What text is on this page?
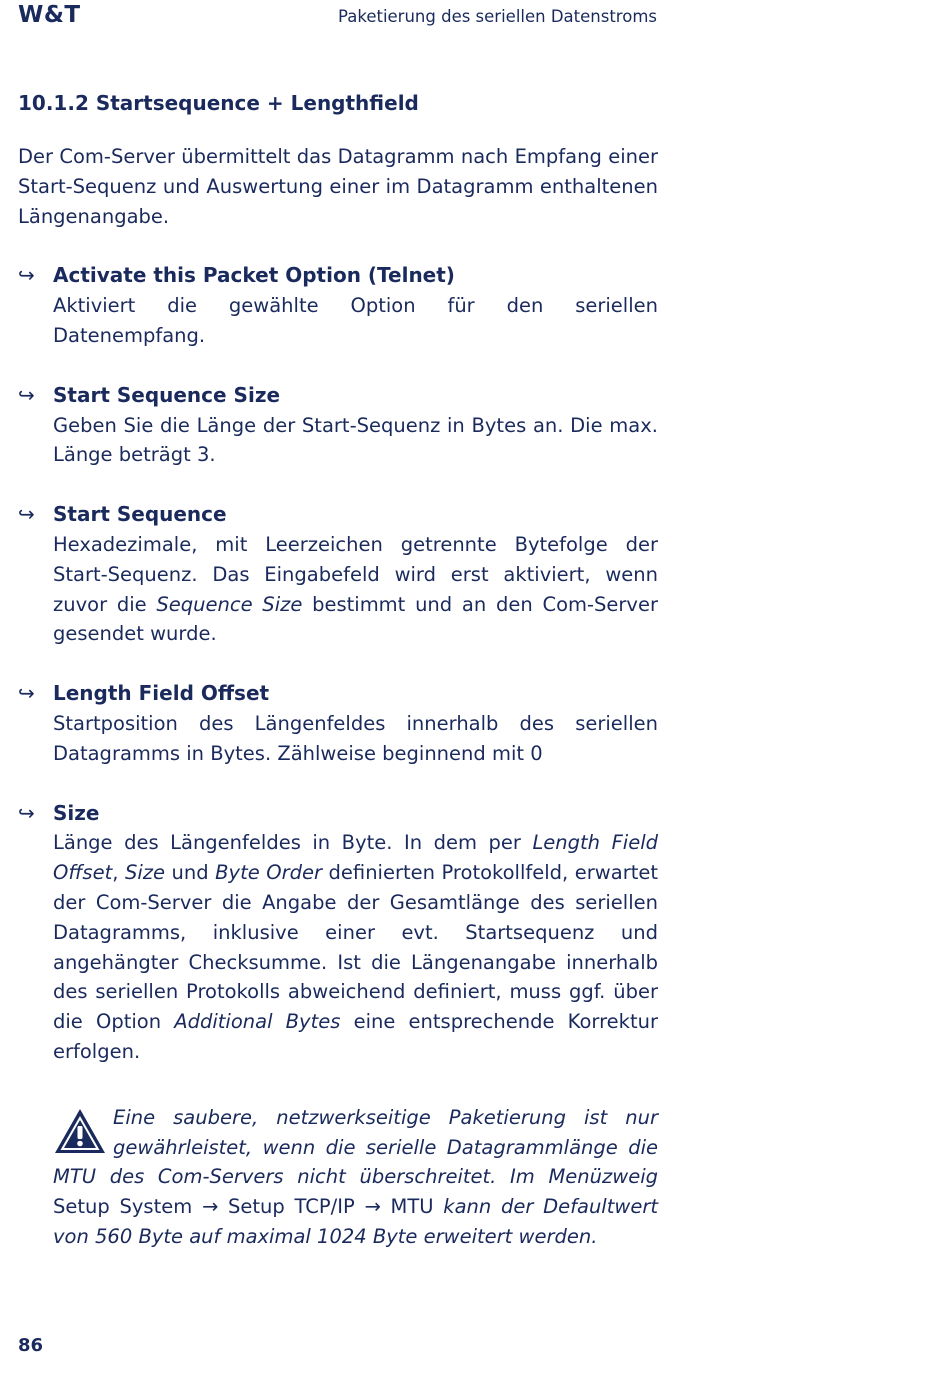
W&T	Paketierung des seriellen Datenstroms
10.1.2 Startsequence + Lengthfield

Der Com-Server übermittelt das Datagramm nach Empfang einer Start-Sequenz und Auswertung einer im Datagramm enthaltenen Längenangabe.

↪ Activate this Packet Option (Telnet)
Aktiviert die gewählte Option für den seriellen Datenempfang.
↪ Start Sequence Size
Geben Sie die Länge der Start-Sequenz in Bytes an. Die max. Länge beträgt 3.
↪ Start Sequence
Hexadezimale, mit Leerzeichen getrennte Bytefolge der Start-Sequenz. Das Eingabefeld wird erst aktiviert, wenn zuvor die Sequence Size bestimmt und an den Com-Server gesendet wurde.
↪ Length Field Offset
Startposition des Längenfeldes innerhalb des seriellen Datagramms in Bytes. Zählweise beginnend mit 0
↪ Size
Länge des Längenfeldes in Byte. In dem per Length Field Offset, Size und Byte Order definierten Protokollfeld, erwartet der Com-Server die Angabe der Gesamtlänge des seriellen Datagramms, inklusive einer evt. Startsequenz und angehängter Checksumme. Ist die Längenangabe innerhalb des seriellen Protokolls abweichend definiert, muss ggf. über die Option Additional Bytes eine entsprechende Korrektur erfolgen.
Eine saubere, netzwerkseitige Paketierung ist nur gewährleistet, wenn die serielle Datagrammlänge die MTU des Com-Servers nicht überschreitet. Im Menüzweig Setup System → Setup TCP/IP → MTU kann der Defaultwert von 560 Byte auf maximal 1024 Byte erweitert werden.
86
